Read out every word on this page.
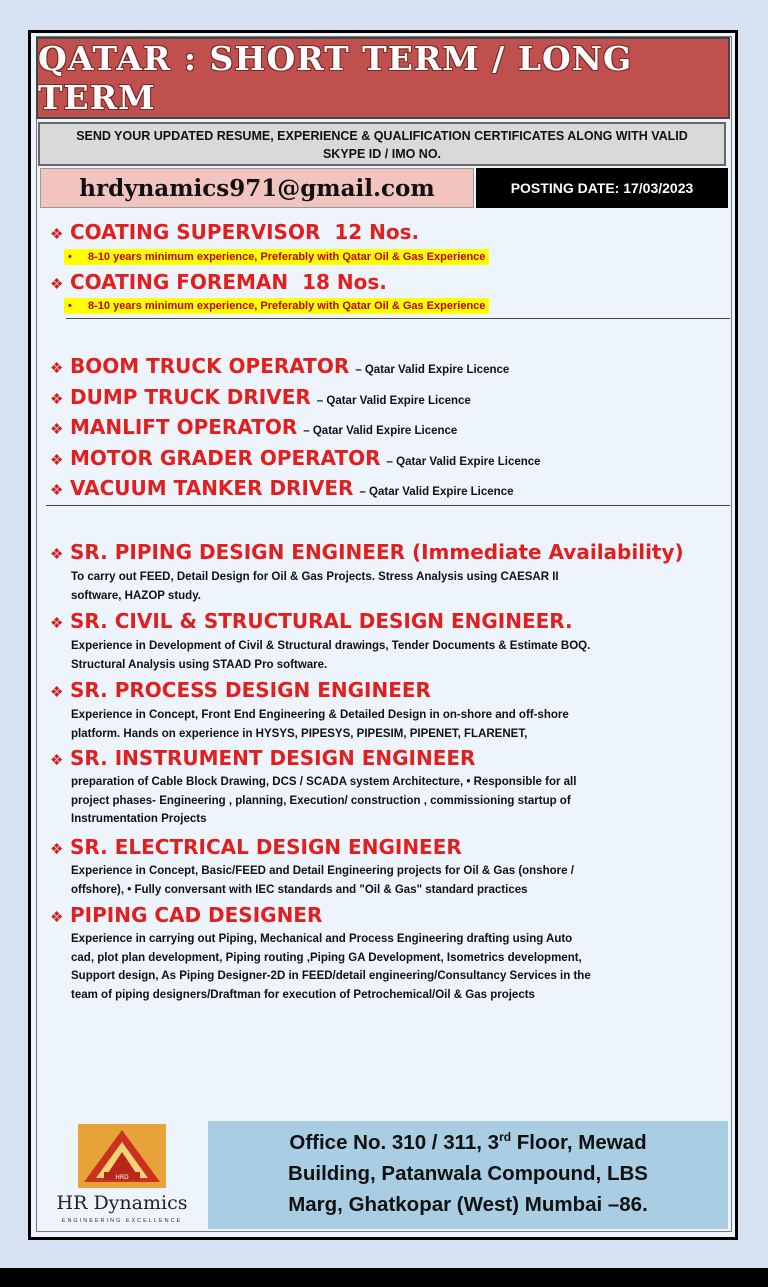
QATAR : SHORT TERM / LONG TERM
SEND YOUR UPDATED RESUME, EXPERIENCE & QUALIFICATION CERTIFICATES ALONG WITH VALID
SKYPE ID / IMO NO.
hrdynamics971@gmail.com	POSTING DATE: 17/03/2023
❖ COATING SUPERVISOR 12 Nos.
• 8-10 years minimum experience, Preferably with Qatar Oil & Gas Experience
❖ COATING FOREMAN 18 Nos.
• 8-10 years minimum experience, Preferably with Qatar Oil & Gas Experience
❖ BOOM TRUCK OPERATOR – Qatar Valid Expire Licence
❖ DUMP TRUCK DRIVER – Qatar Valid Expire Licence
❖ MANLIFT OPERATOR – Qatar Valid Expire Licence
❖ MOTOR GRADER OPERATOR – Qatar Valid Expire Licence
❖ VACUUM TANKER DRIVER – Qatar Valid Expire Licence
❖ SR. PIPING DESIGN ENGINEER (Immediate Availability)
To carry out FEED, Detail Design for Oil & Gas Projects. Stress Analysis using CAESAR II
software, HAZOP study.
❖ SR. CIVIL & STRUCTURAL DESIGN ENGINEER.
Experience in Development of Civil & Structural drawings, Tender Documents & Estimate BOQ.
Structural Analysis using STAAD Pro software.
❖ SR. PROCESS DESIGN ENGINEER
Experience in Concept, Front End Engineering & Detailed Design in on-shore and off-shore
platform. Hands on experience in HYSYS, PIPESYS, PIPESIM, PIPENET, FLARENET,
❖ SR. INSTRUMENT DESIGN ENGINEER
preparation of Cable Block Drawing, DCS / SCADA system Architecture, • Responsible for all
project phases- Engineering , planning, Execution/ construction , commissioning startup of
Instrumentation Projects
❖ SR. ELECTRICAL DESIGN ENGINEER
Experience in Concept, Basic/FEED and Detail Engineering projects for Oil & Gas (onshore /
offshore), • Fully conversant with IEC standards and "Oil & Gas" standard practices
❖ PIPING CAD DESIGNER
Experience in carrying out Piping, Mechanical and Process Engineering drafting using Auto
cad, plot plan development, Piping routing ,Piping GA Development, Isometrics development,
Support design, As Piping Designer-2D in FEED/detail engineering/Consultancy Services in the
team of piping designers/Draftman for execution of Petrochemical/Oil & Gas projects
HRD
HR Dynamics
ENGINEERING EXCELLENCE
Office No. 310 / 311, 3rd Floor, Mewad
Building, Patanwala Compound, LBS
Marg, Ghatkopar (West) Mumbai –86.
